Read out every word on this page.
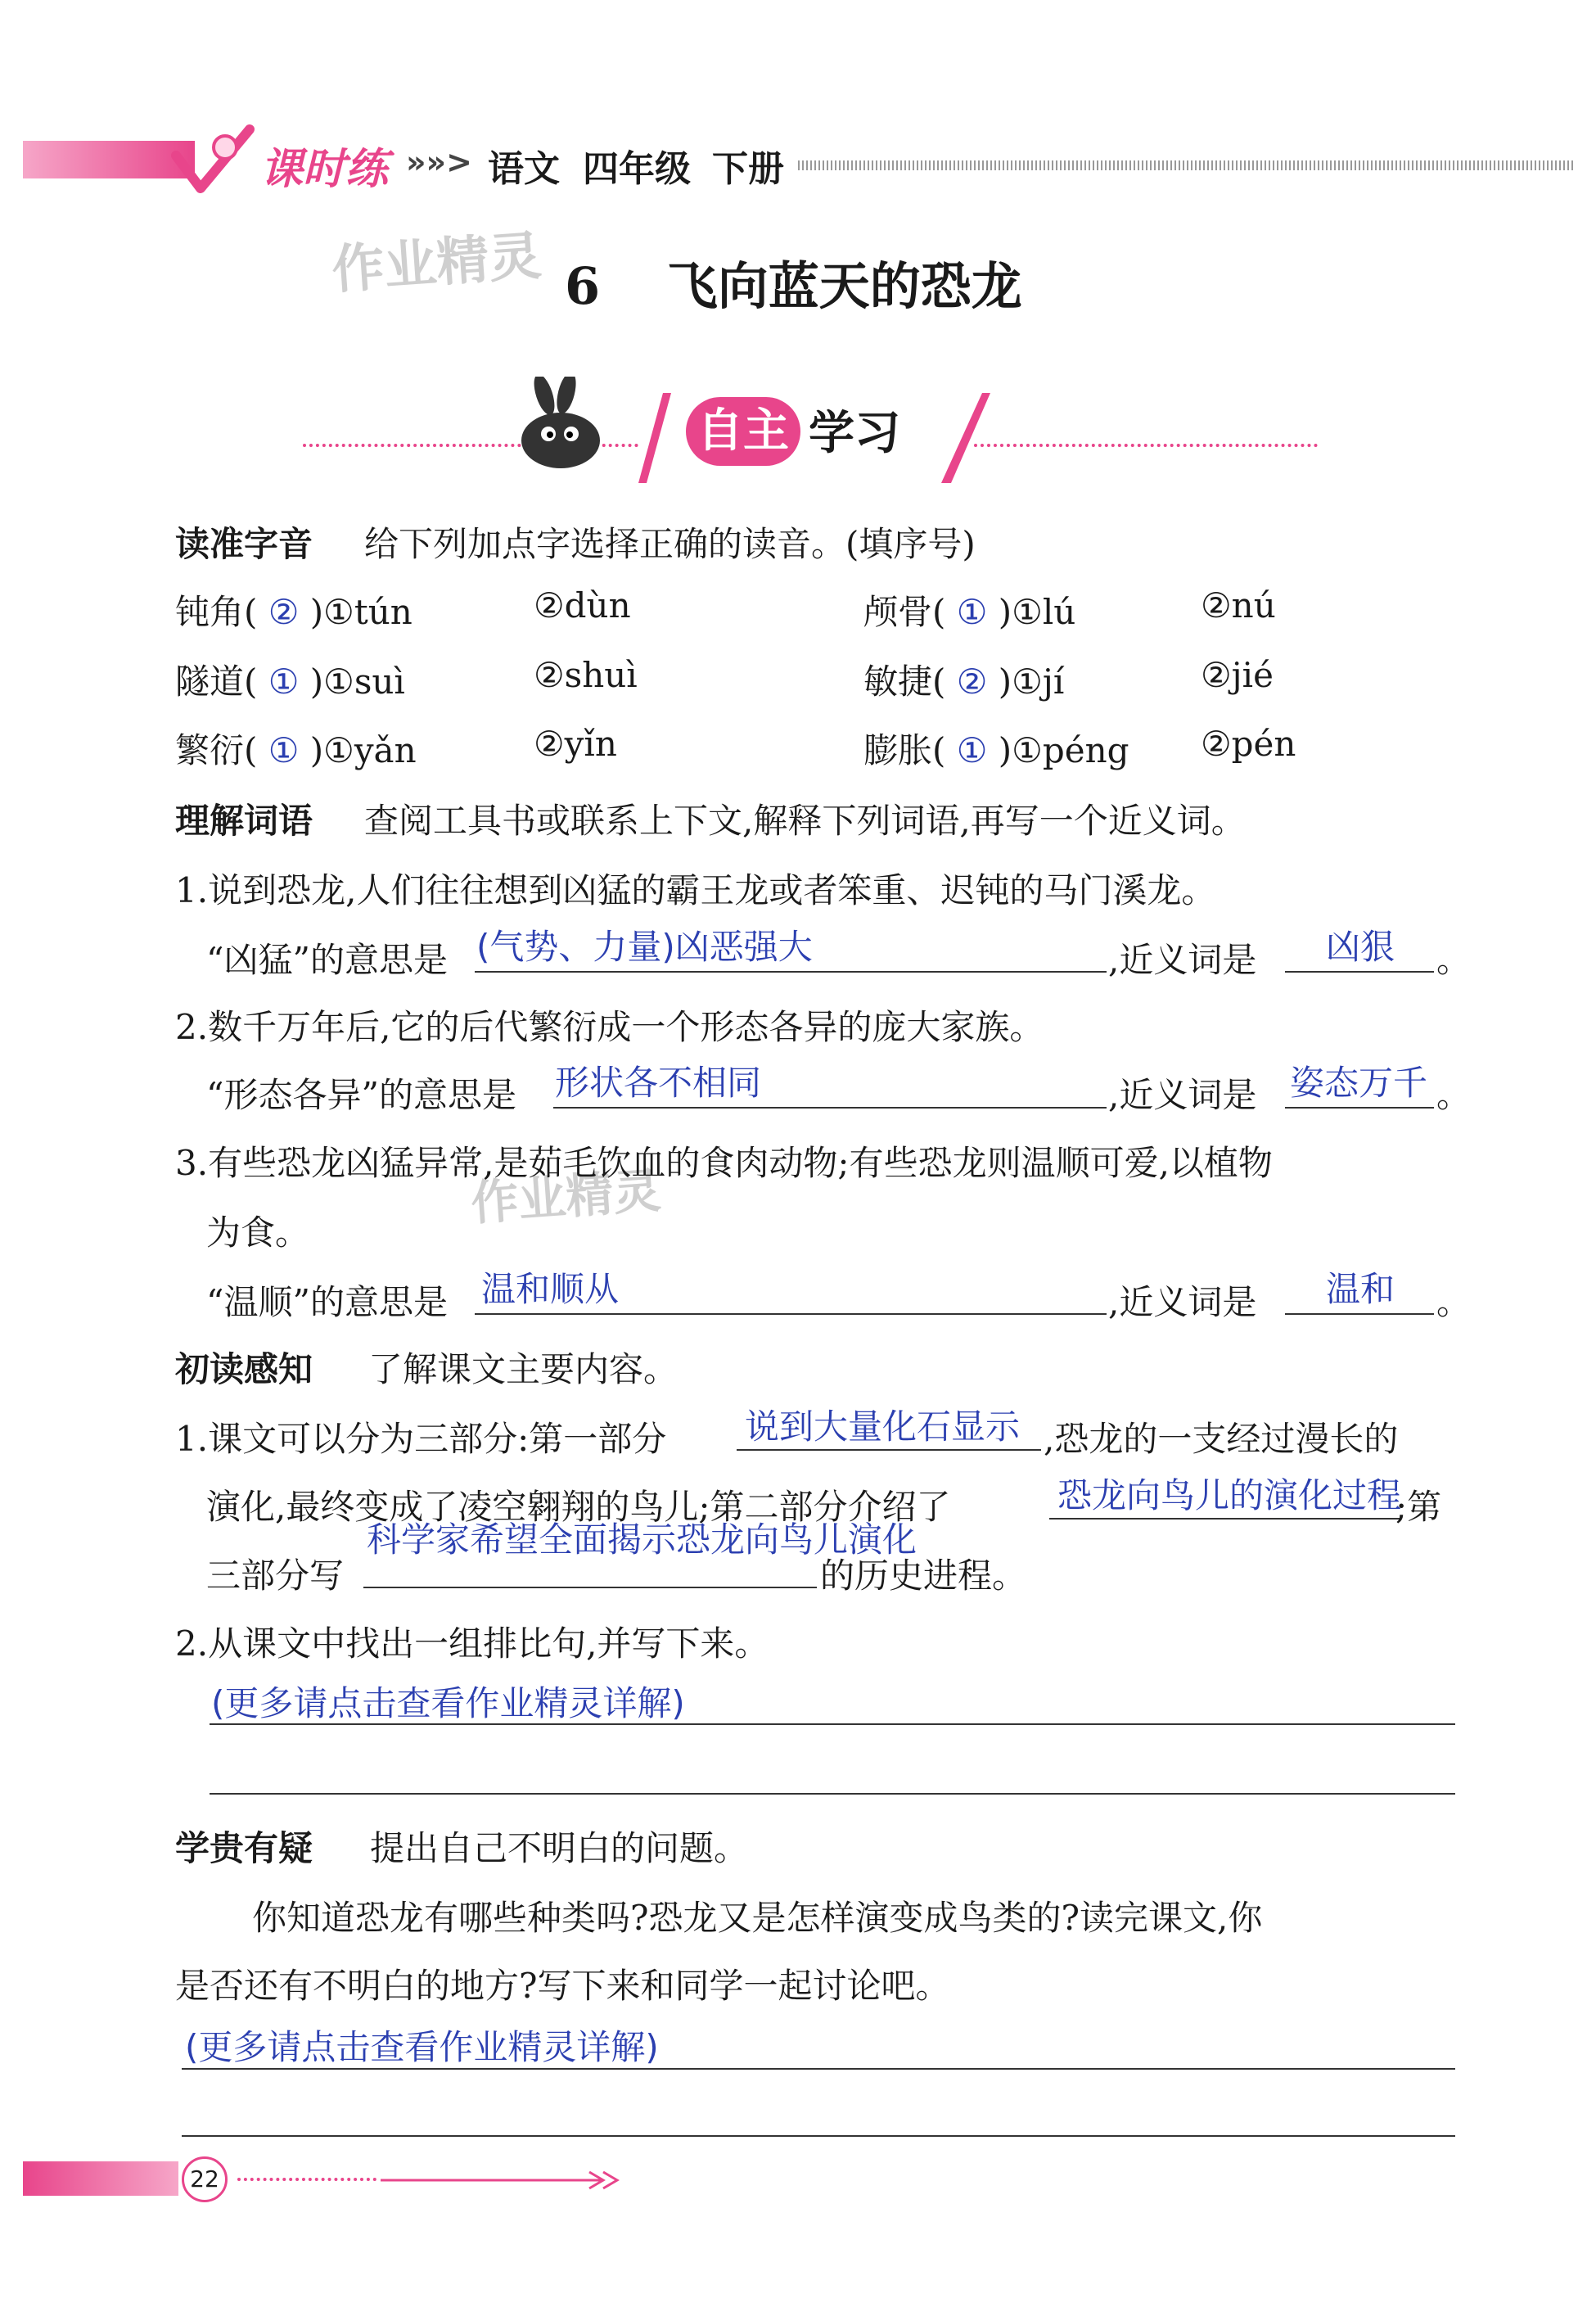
课时练 »»> 语文 四年级 下册
作业精灵
作业精灵
6 飞向蓝天的恐龙
自主 学习
读准字音 给下列加点字选择正确的读音。(填序号)
钝角( ② )①tún	②dùn	颅骨( ① )①lú	②nú
隧道( ① )①suì	②shuì	敏捷( ② )①jí	②jié
繁衍( ① )①yǎn	②yǐn	膨胀( ① )①péng ②pén
理解词语 查阅工具书或联系上下文,解释下列词语,再写一个近义词。
1.说到恐龙,人们往往想到凶猛的霸王龙或者笨重、迟钝的马门溪龙。
“凶猛”的意思是 (气势、力量)凶恶强大	,近义词是 凶狠 。
2.数千万年后,它的后代繁衍成一个形态各异的庞大家族。
“形态各异”的意思是 形状各不相同	,近义词是 姿态万千 。
3.有些恐龙凶猛异常,是茹毛饮血的食肉动物;有些恐龙则温顺可爱,以植物
为食。
“温顺”的意思是 温和顺从	,近义词是 温和 。
初读感知 了解课文主要内容。
1.课文可以分为三部分:第一部分 说到大量化石显示 ,恐龙的一支经过漫长的
演化,最终变成了凌空翱翔的鸟儿;第二部分介绍了	恐龙向鸟儿的演化过程
;第
三部分写
科学家希望全面揭示恐龙向鸟儿演化
的历史进程。
2.从课文中找出一组排比句,并写下来。
(更多请点击查看作业精灵详解)
学贵有疑 提出自己不明白的问题。
你知道恐龙有哪些种类吗?恐龙又是怎样演变成鸟类的?读完课文,你
是否还有不明白的地方?写下来和同学一起讨论吧。
(更多请点击查看作业精灵详解)
22
